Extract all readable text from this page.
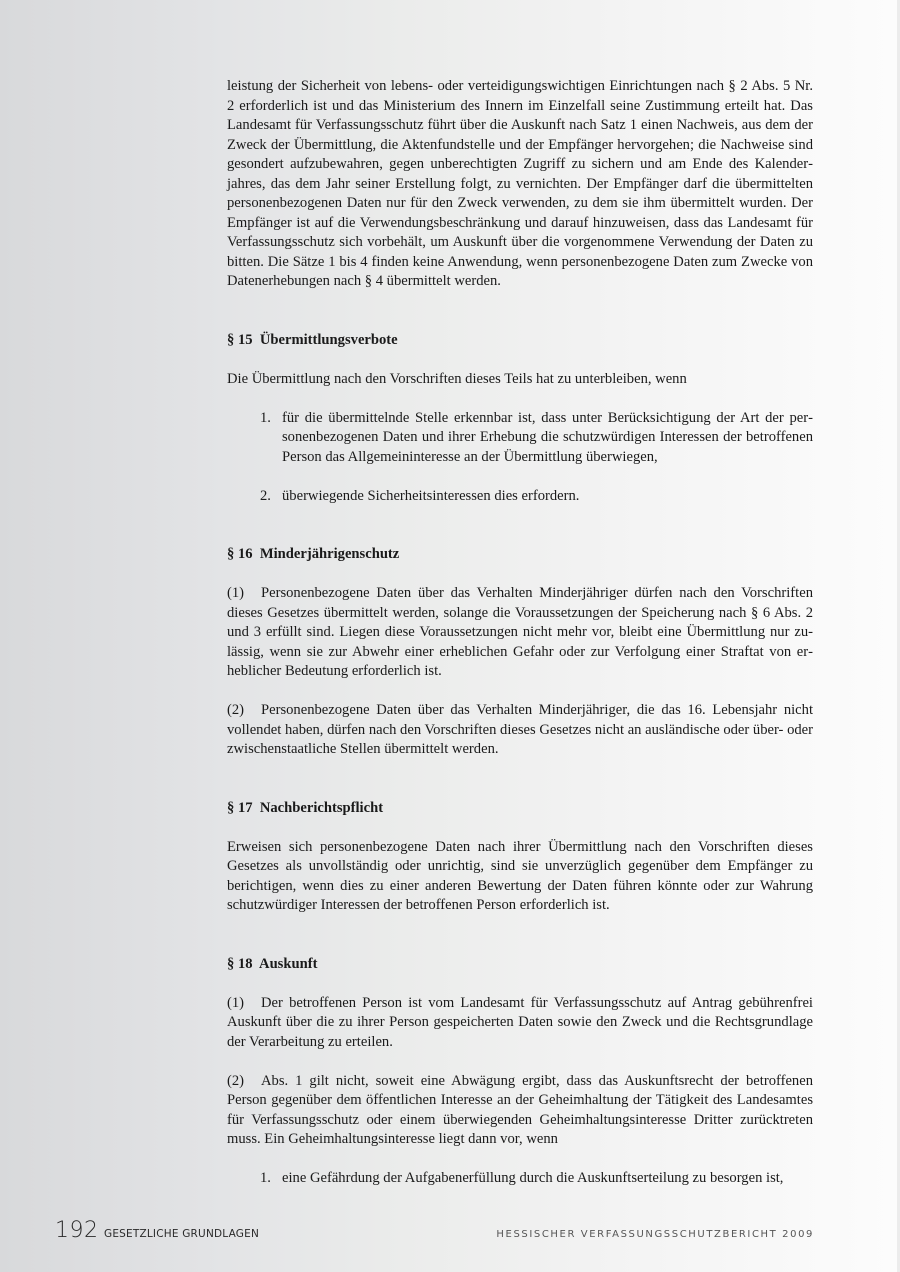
leistung der Sicherheit von lebens- oder verteidigungswichtigen Einrichtungen nach § 2 Abs. 5 Nr. 2 erforderlich ist und das Ministerium des Innern im Einzelfall seine Zustimmung erteilt hat. Das Landesamt für Verfassungsschutz führt über die Auskunft nach Satz 1 einen Nachweis, aus dem der Zweck der Übermittlung, die Aktenfundstelle und der Empfänger hervorgehen; die Nachweise sind gesondert aufzubewahren, gegen unberechtigten Zugriff zu sichern und am Ende des Kalenderjahres, das dem Jahr seiner Erstellung folgt, zu vernichten. Der Empfänger darf die übermittelten personenbezogenen Daten nur für den Zweck verwenden, zu dem sie ihm übermittelt wurden. Der Empfänger ist auf die Verwendungsbeschränkung und darauf hinzuweisen, dass das Landesamt für Verfassungsschutz sich vorbehält, um Auskunft über die vorgenommene Verwendung der Daten zu bitten. Die Sätze 1 bis 4 finden keine Anwendung, wenn personenbezogene Daten zum Zwecke von Datenerhebungen nach § 4 übermittelt werden.

§ 15  Übermittlungsverbote

Die Übermittlung nach den Vorschriften dieses Teils hat zu unterbleiben, wenn

1. für die übermittelnde Stelle erkennbar ist, dass unter Berücksichtigung der Art der personenbezogenen Daten und ihrer Erhebung die schutzwürdigen Interessen der betroffenen Person das Allgemeininteresse an der Übermittlung überwiegen,
2. überwiegende Sicherheitsinteressen dies erfordern.

§ 16  Minderjährigenschutz

(1) Personenbezogene Daten über das Verhalten Minderjähriger dürfen nach den Vorschriften dieses Gesetzes übermittelt werden, solange die Voraussetzungen der Speicherung nach § 6 Abs. 2 und 3 erfüllt sind. Liegen diese Voraussetzungen nicht mehr vor, bleibt eine Übermittlung nur zulässig, wenn sie zur Abwehr einer erheblichen Gefahr oder zur Verfolgung einer Straftat von erheblicher Bedeutung erforderlich ist.

(2) Personenbezogene Daten über das Verhalten Minderjähriger, die das 16. Lebensjahr nicht vollendet haben, dürfen nach den Vorschriften dieses Gesetzes nicht an ausländische oder über- oder zwischenstaatliche Stellen übermittelt werden.

§ 17  Nachberichtspflicht

Erweisen sich personenbezogene Daten nach ihrer Übermittlung nach den Vorschriften dieses Gesetzes als unvollständig oder unrichtig, sind sie unverzüglich gegenüber dem Empfänger zu berichtigen, wenn dies zu einer anderen Bewertung der Daten führen könnte oder zur Wahrung schutzwürdiger Interessen der betroffenen Person erforderlich ist.

§ 18  Auskunft

(1) Der betroffenen Person ist vom Landesamt für Verfassungsschutz auf Antrag gebührenfrei Auskunft über die zu ihrer Person gespeicherten Daten sowie den Zweck und die Rechtsgrundlage der Verarbeitung zu erteilen.

(2) Abs. 1 gilt nicht, soweit eine Abwägung ergibt, dass das Auskunftsrecht der betroffenen Person gegenüber dem öffentlichen Interesse an der Geheimhaltung der Tätigkeit des Landesamtes für Verfassungsschutz oder einem überwiegenden Geheimhaltungsinteresse Dritter zurücktreten muss. Ein Geheimhaltungsinteresse liegt dann vor, wenn

1. eine Gefährdung der Aufgabenerfüllung durch die Auskunftserteilung zu besorgen ist,
192 GESETZLICHE GRUNDLAGEN	HESSISCHER VERFASSUNGSSCHUTZBERICHT 2009
